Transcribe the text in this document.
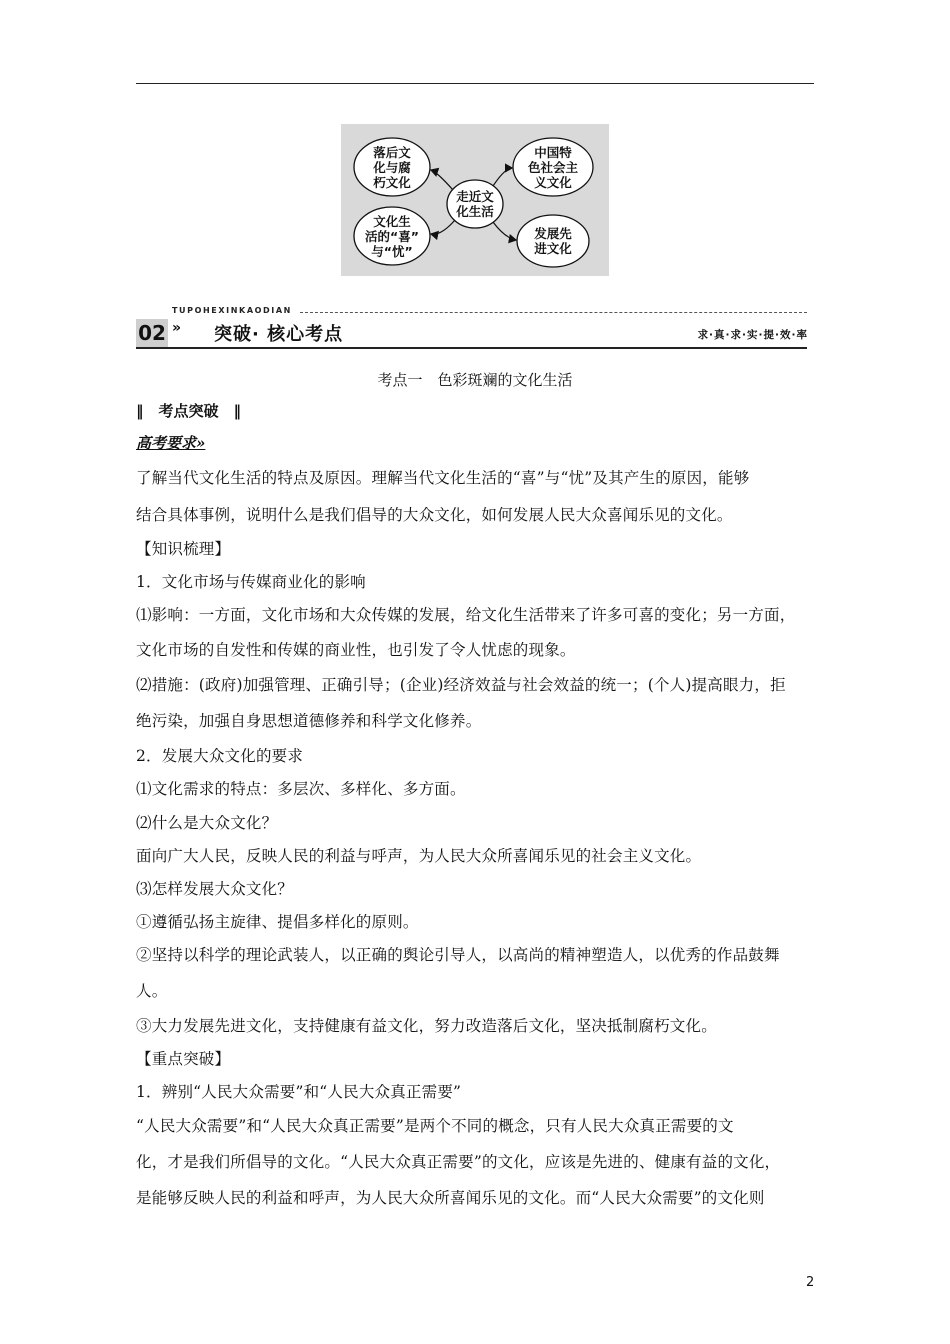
走近文
化生活
落后文
化与腐
朽文化
文化生
活的“喜”
与“忧”
中国特
色社会主
义文化
发展先
进文化
TUPOHEXINKAODIAN
02 » 突破· 核心考点	求·真·求·实·提·效·率
考点一　色彩斑斓的文化生活
‖　考点突破　‖
高考要求»
了解当代文化生活的特点及原因。理解当代文化生活的“喜”与“忧”及其产生的原因，能够
结合具体事例，说明什么是我们倡导的大众文化，如何发展人民大众喜闻乐见的文化。
【知识梳理】
1．文化市场与传媒商业化的影响
⑴影响：一方面，文化市场和大众传媒的发展，给文化生活带来了许多可喜的变化；另一方面，
文化市场的自发性和传媒的商业性，也引发了令人忧虑的现象。
⑵措施：(政府)加强管理、正确引导；(企业)经济效益与社会效益的统一；(个人)提高眼力，拒
绝污染，加强自身思想道德修养和科学文化修养。
2．发展大众文化的要求
⑴文化需求的特点：多层次、多样化、多方面。
⑵什么是大众文化？
面向广大人民，反映人民的利益与呼声，为人民大众所喜闻乐见的社会主义文化。
⑶怎样发展大众文化？
①遵循弘扬主旋律、提倡多样化的原则。
②坚持以科学的理论武装人，以正确的舆论引导人，以高尚的精神塑造人，以优秀的作品鼓舞
人。
③大力发展先进文化，支持健康有益文化，努力改造落后文化，坚决抵制腐朽文化。
【重点突破】
1．辨别“人民大众需要”和“人民大众真正需要”
“人民大众需要”和“人民大众真正需要”是两个不同的概念，只有人民大众真正需要的文
化，才是我们所倡导的文化。“人民大众真正需要”的文化，应该是先进的、健康有益的文化，
是能够反映人民的利益和呼声，为人民大众所喜闻乐见的文化。而“人民大众需要”的文化则
2
